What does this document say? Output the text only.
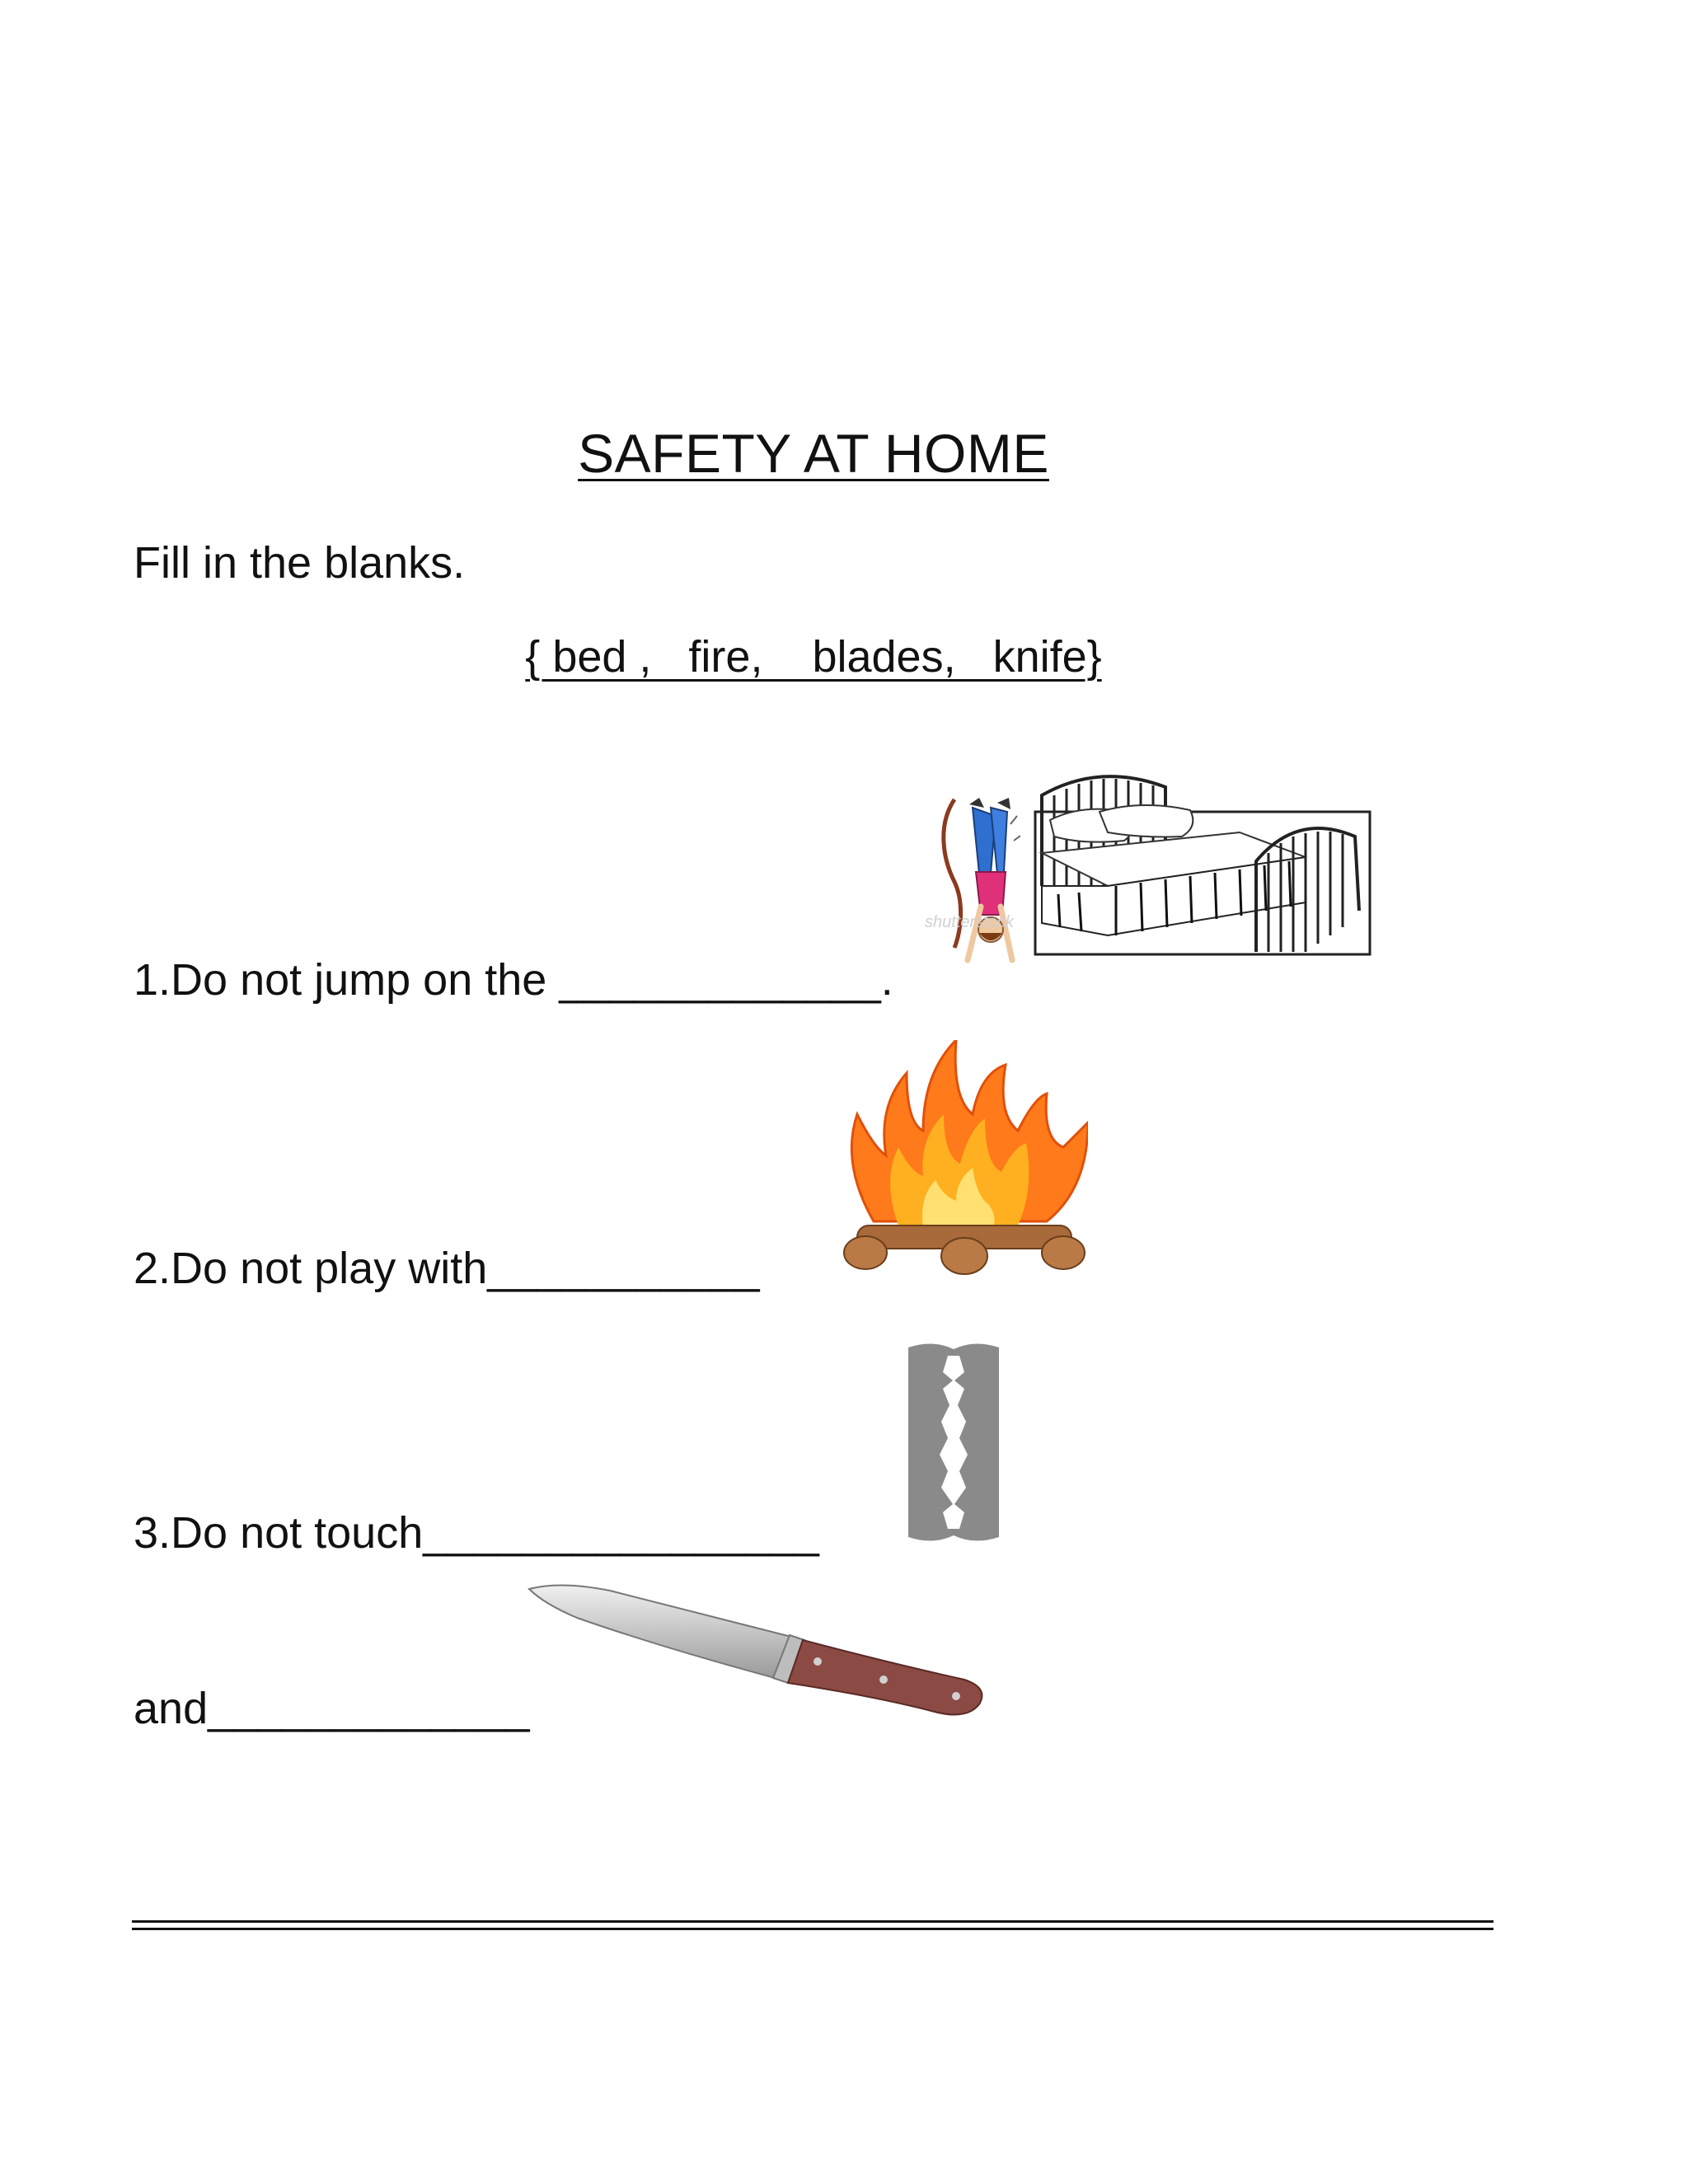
SAFETY AT HOME
Fill in the blanks.
{ bed ,   fire,    blades,   knife}
1.Do not jump on the _____________.
2.Do not play with___________
3.Do not touch________________
and_____________
shutterstock
